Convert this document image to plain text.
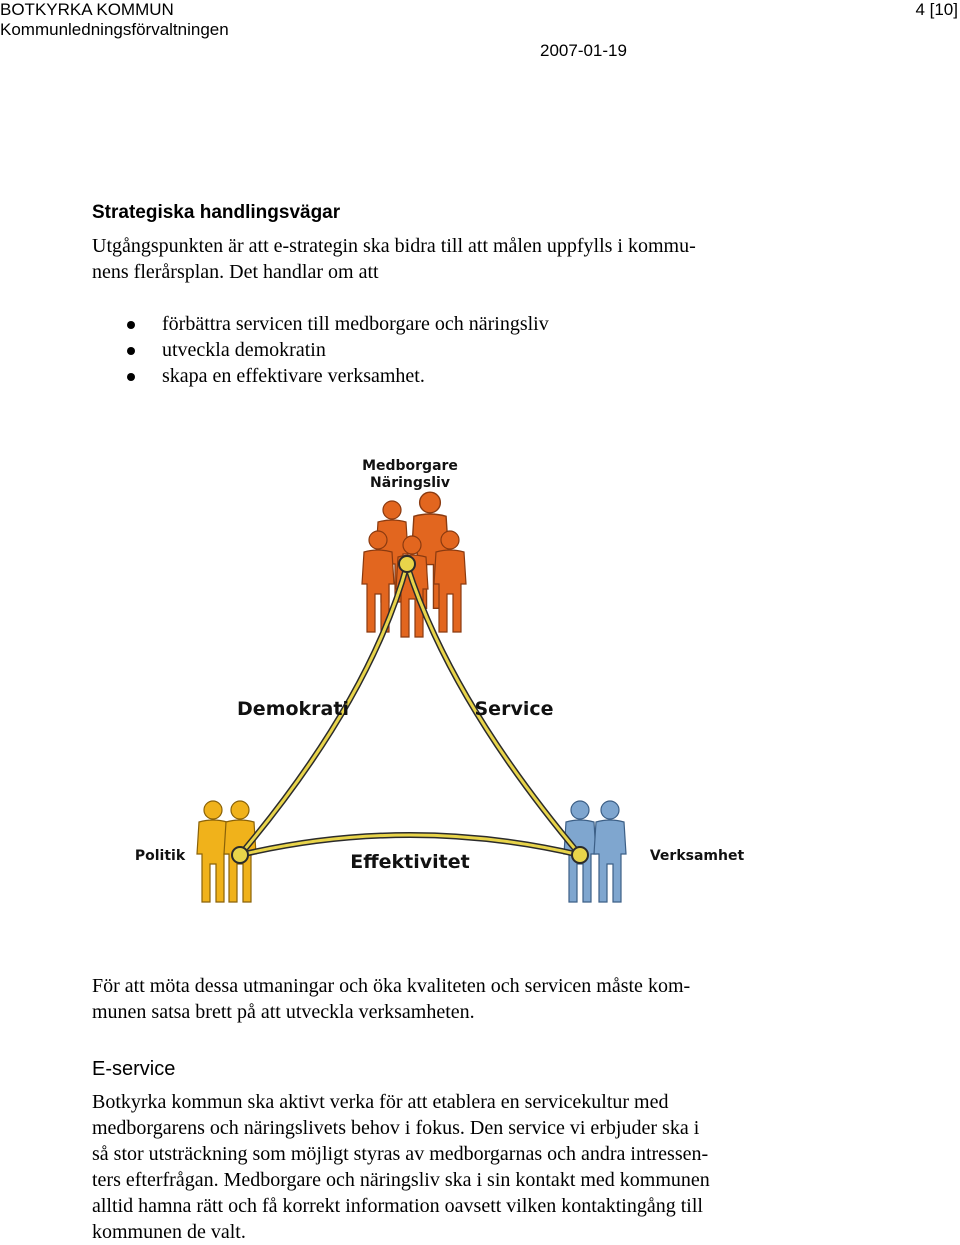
BOTKYRKA KOMMUN
Kommunledningsförvaltningen
4 [10]
2007-01-19
Strategiska handlingsvägar

Utgångspunkten är att e-strategin ska bidra till att målen uppfylls i kommu-
nens flerårsplan. Det handlar om att

förbättra servicen till medborgare och näringsliv
utveckla demokratin
skapa en effektivare verksamhet.
Medborgare
Näringsliv
Demokrati	Service
Effektivitet
Politik	Verksamhet

För att möta dessa utmaningar och öka kvaliteten och servicen måste kom-
munen satsa brett på att utveckla verksamheten.

E-service

Botkyrka kommun ska aktivt verka för att etablera en servicekultur med
medborgarens och näringslivets behov i fokus. Den service vi erbjuder ska i
så stor utsträckning som möjligt styras av medborgarnas och andra intressen-
ters efterfrågan. Medborgare och näringsliv ska i sin kontakt med kommunen
alltid hamna rätt och få korrekt information oavsett vilken kontaktingång till
kommunen de valt.
